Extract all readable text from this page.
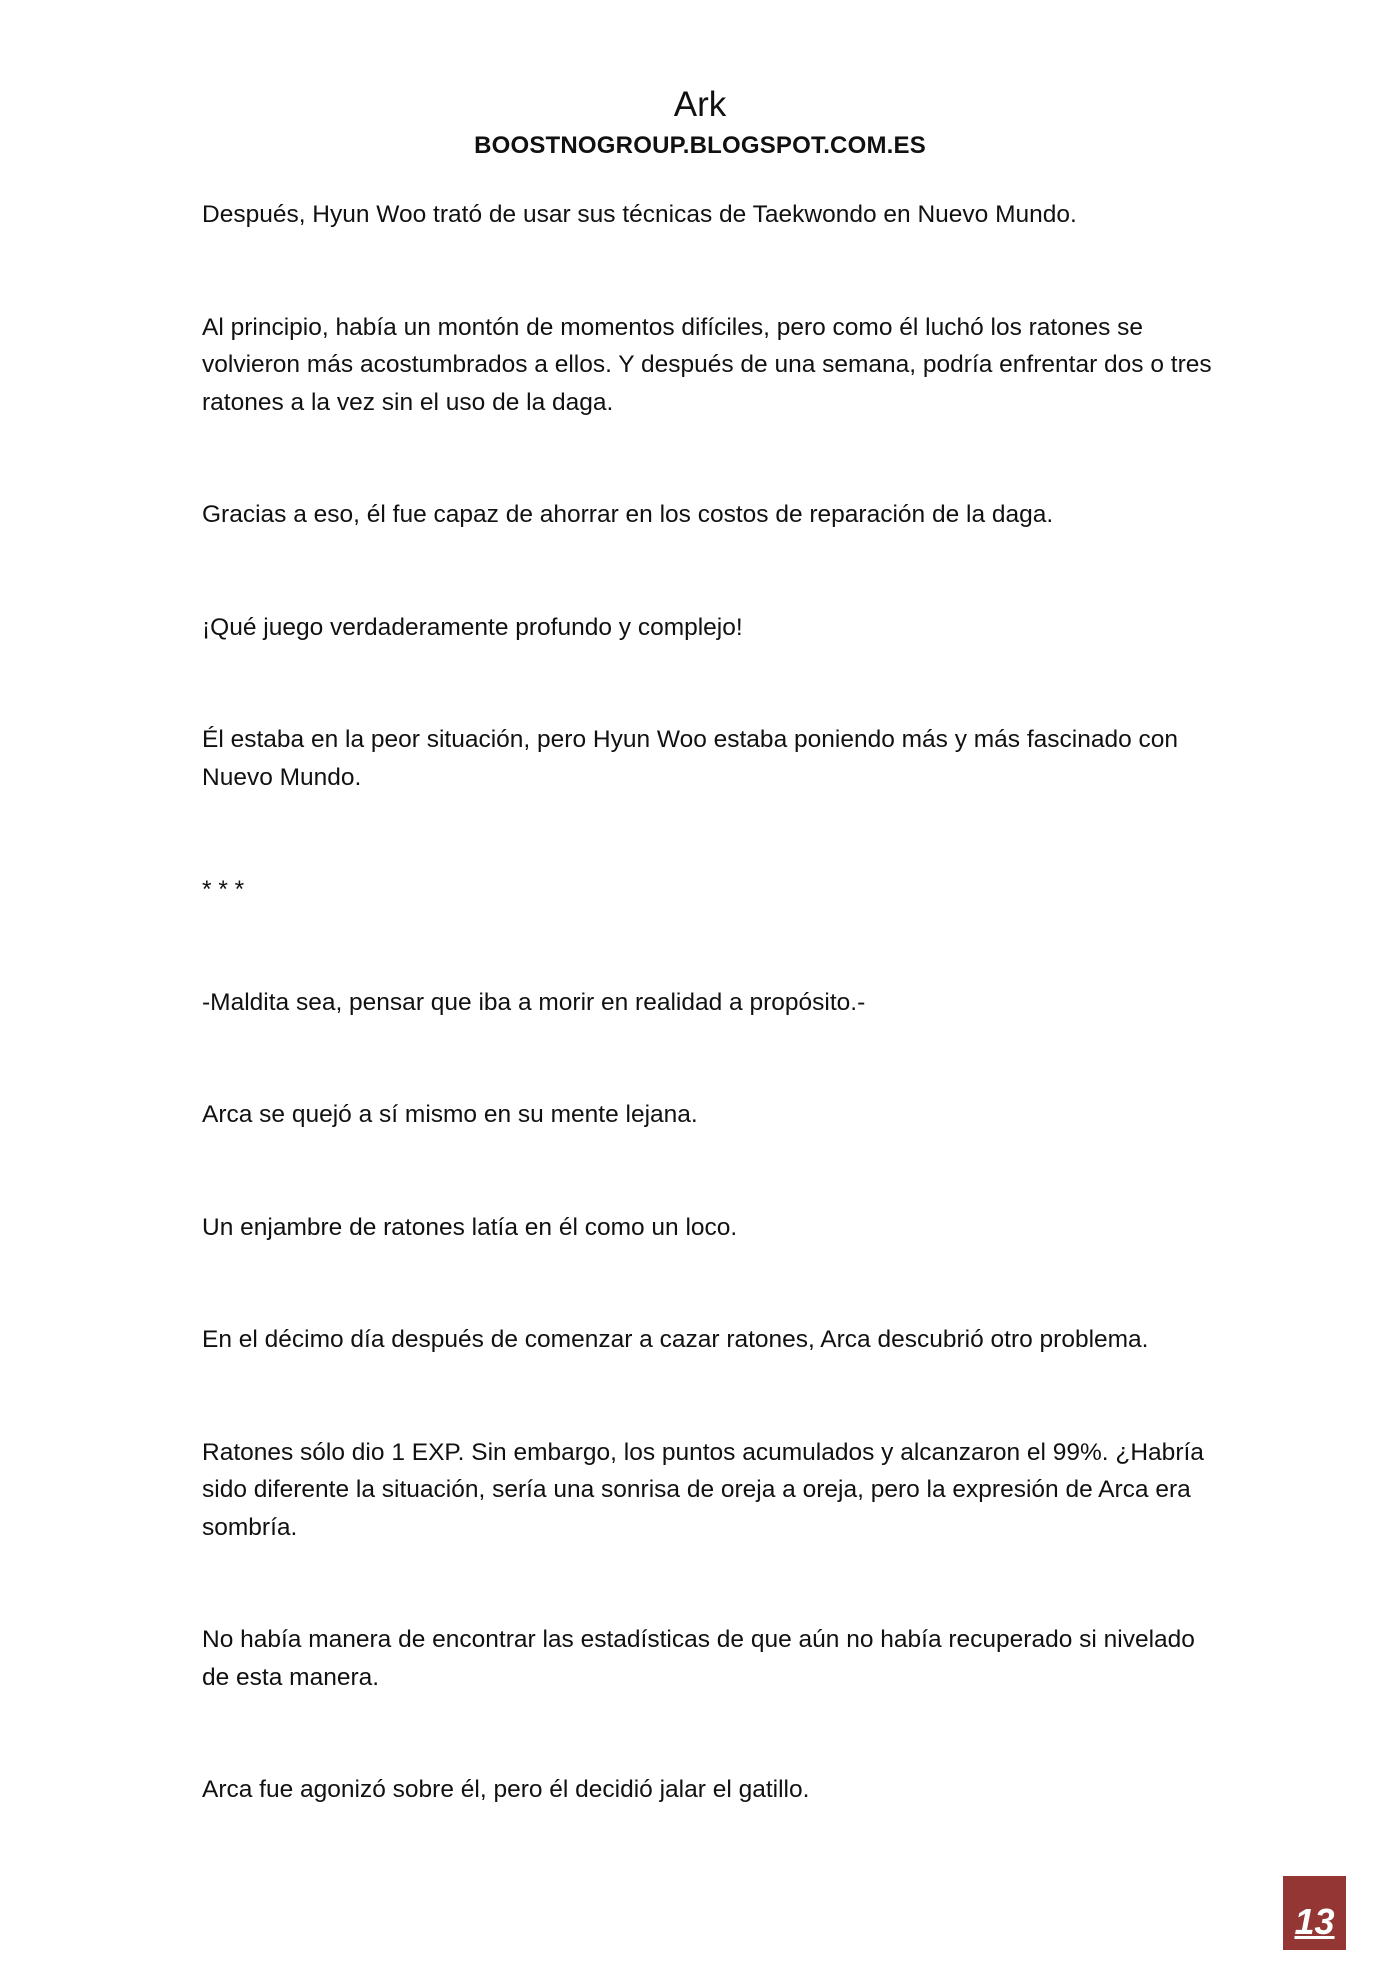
Ark
BOOSTNOGROUP.BLOGSPOT.COM.ES

Después, Hyun Woo trató de usar sus técnicas de Taekwondo en Nuevo Mundo.

Al principio, había un montón de momentos difíciles, pero como él luchó los ratones se volvieron más acostumbrados a ellos. Y después de una semana, podría enfrentar dos o tres ratones a la vez sin el uso de la daga.

Gracias a eso, él fue capaz de ahorrar en los costos de reparación de la daga.

¡Qué juego verdaderamente profundo y complejo!

Él estaba en la peor situación, pero Hyun Woo estaba poniendo más y más fascinado con Nuevo Mundo.

* * *

-Maldita sea, pensar que iba a morir en realidad a propósito.-

Arca se quejó a sí mismo en su mente lejana.

Un enjambre de ratones latía en él como un loco.

En el décimo día después de comenzar a cazar ratones, Arca descubrió otro problema.

Ratones sólo dio 1 EXP. Sin embargo, los puntos acumulados y alcanzaron el 99%. ¿Habría sido diferente la situación, sería una sonrisa de oreja a oreja, pero la expresión de Arca era sombría.

No había manera de encontrar las estadísticas de que aún no había recuperado si nivelado de esta manera.

Arca fue agonizó sobre él, pero él decidió jalar el gatillo.

13
